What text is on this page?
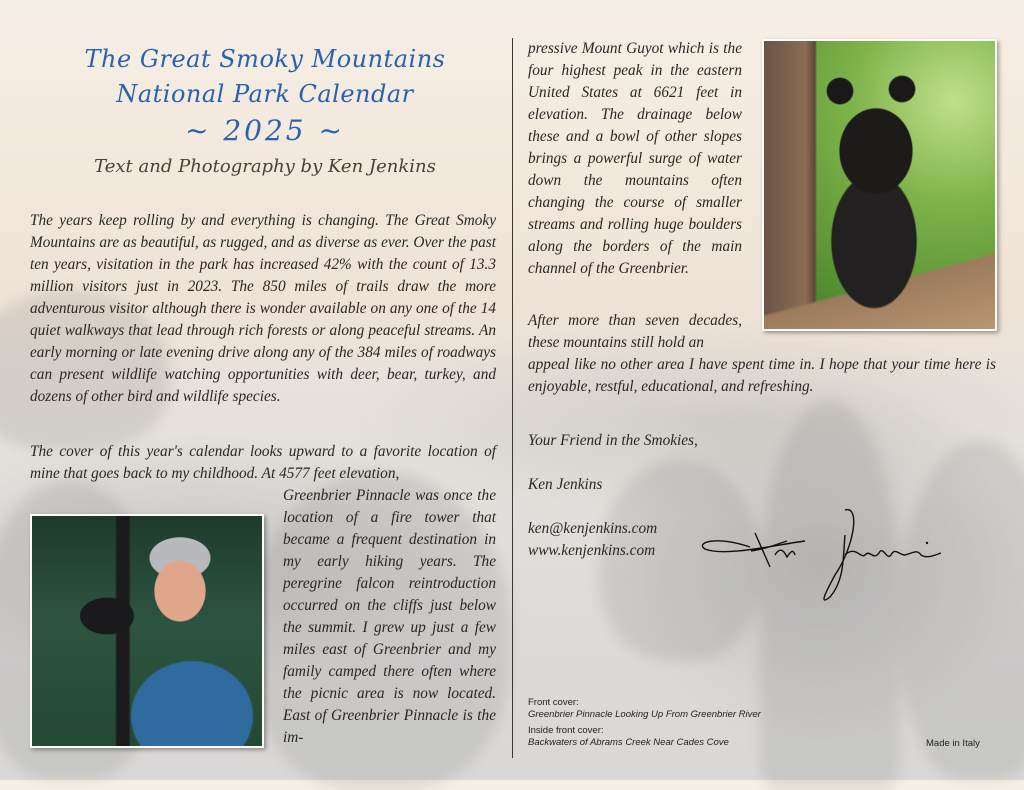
The Great Smoky Mountains
National Park Calendar
~ 2025 ~
Text and Photography by Ken Jenkins

The years keep rolling by and everything is changing. The Great Smoky Mountains are as beautiful, as rugged, and as diverse as ever. Over the past ten years, visitation in the park has increased 42% with the count of 13.3 million visitors just in 2023. The 850 miles of trails draw the more adventurous visitor although there is wonder available on any one of the 14 quiet walkways that lead through rich forests or along peaceful streams. An early morning or late evening drive along any of the 384 miles of roadways can present wildlife watching opportunities with deer, bear, turkey, and dozens of other bird and wildlife species.

The cover of this year's calendar looks upward to a favorite location of mine that goes back to my childhood. At 4577 feet elevation,

Greenbrier Pinnacle was once the location of a fire tower that became a frequent destination in my early hiking years. The peregrine falcon reintroduction occurred on the cliffs just below the summit. I grew up just a few miles east of Greenbrier and my family camped there often where the picnic area is now located. East of Greenbrier Pinnacle is the im-

pressive Mount Guyot which is the four highest peak in the eastern United States at 6621 feet in elevation. The drainage below these and a bowl of other slopes brings a powerful surge of water down the mountains often changing the course of smaller streams and rolling huge boulders along the borders of the main channel of the Greenbrier.

After more than seven decades, these mountains still hold an

appeal like no other area I have spent time in. I hope that your time here is enjoyable, restful, educational, and refreshing.

Your Friend in the Smokies,
Ken Jenkins
ken@kenjenkins.com
www.kenjenkins.com
Front cover:
Greenbrier Pinnacle Looking Up From Greenbrier River
Inside front cover:
Backwaters of Abrams Creek Near Cades Cove	Made in Italy
